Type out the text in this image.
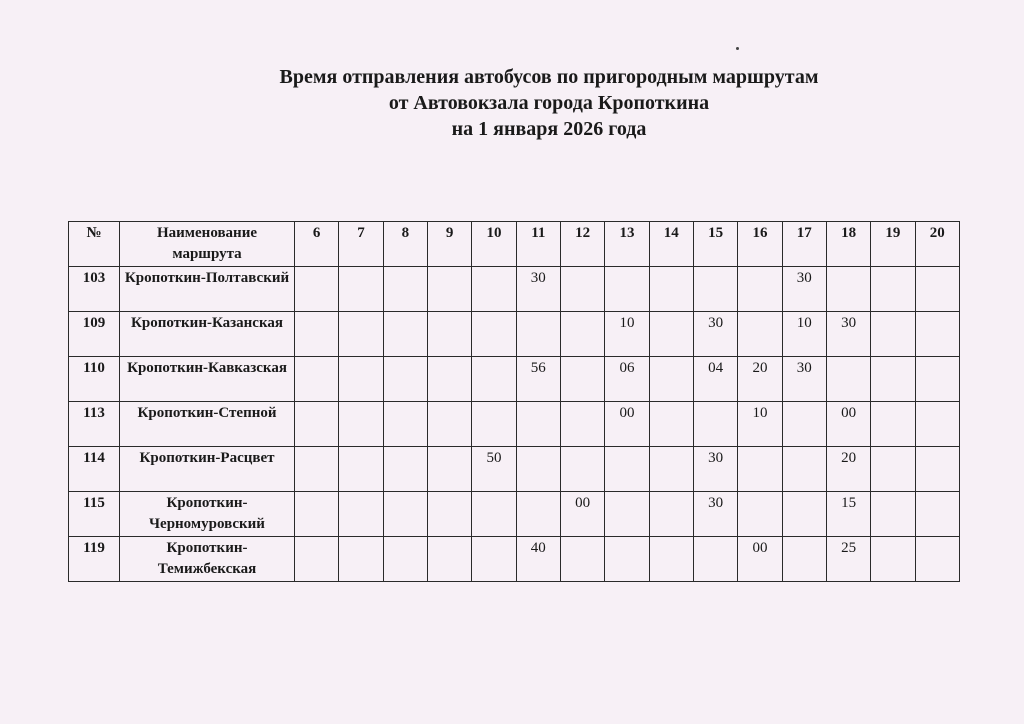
Время отправления автобусов по пригородным маршрутам
от Автовокзала города Кропоткина
на 1 января 2026 года
№	Наименование маршрута	6	7	8	9	10	11	12	13	14	15	16	17	18	19	20
103	Кропоткин-Полтавский						30						30			
109	Кропоткин-Казанская								10		30		10	30		
110	Кропоткин-Кавказская						56		06		04	20	30			
113	Кропоткин-Степной								00			10		00		
114	Кропоткин-Расцвет					50					30			20		
115	Кропоткин-Черномуровский							00			30			15		
119	Кропоткин-Темижбекская						40					00		25		
